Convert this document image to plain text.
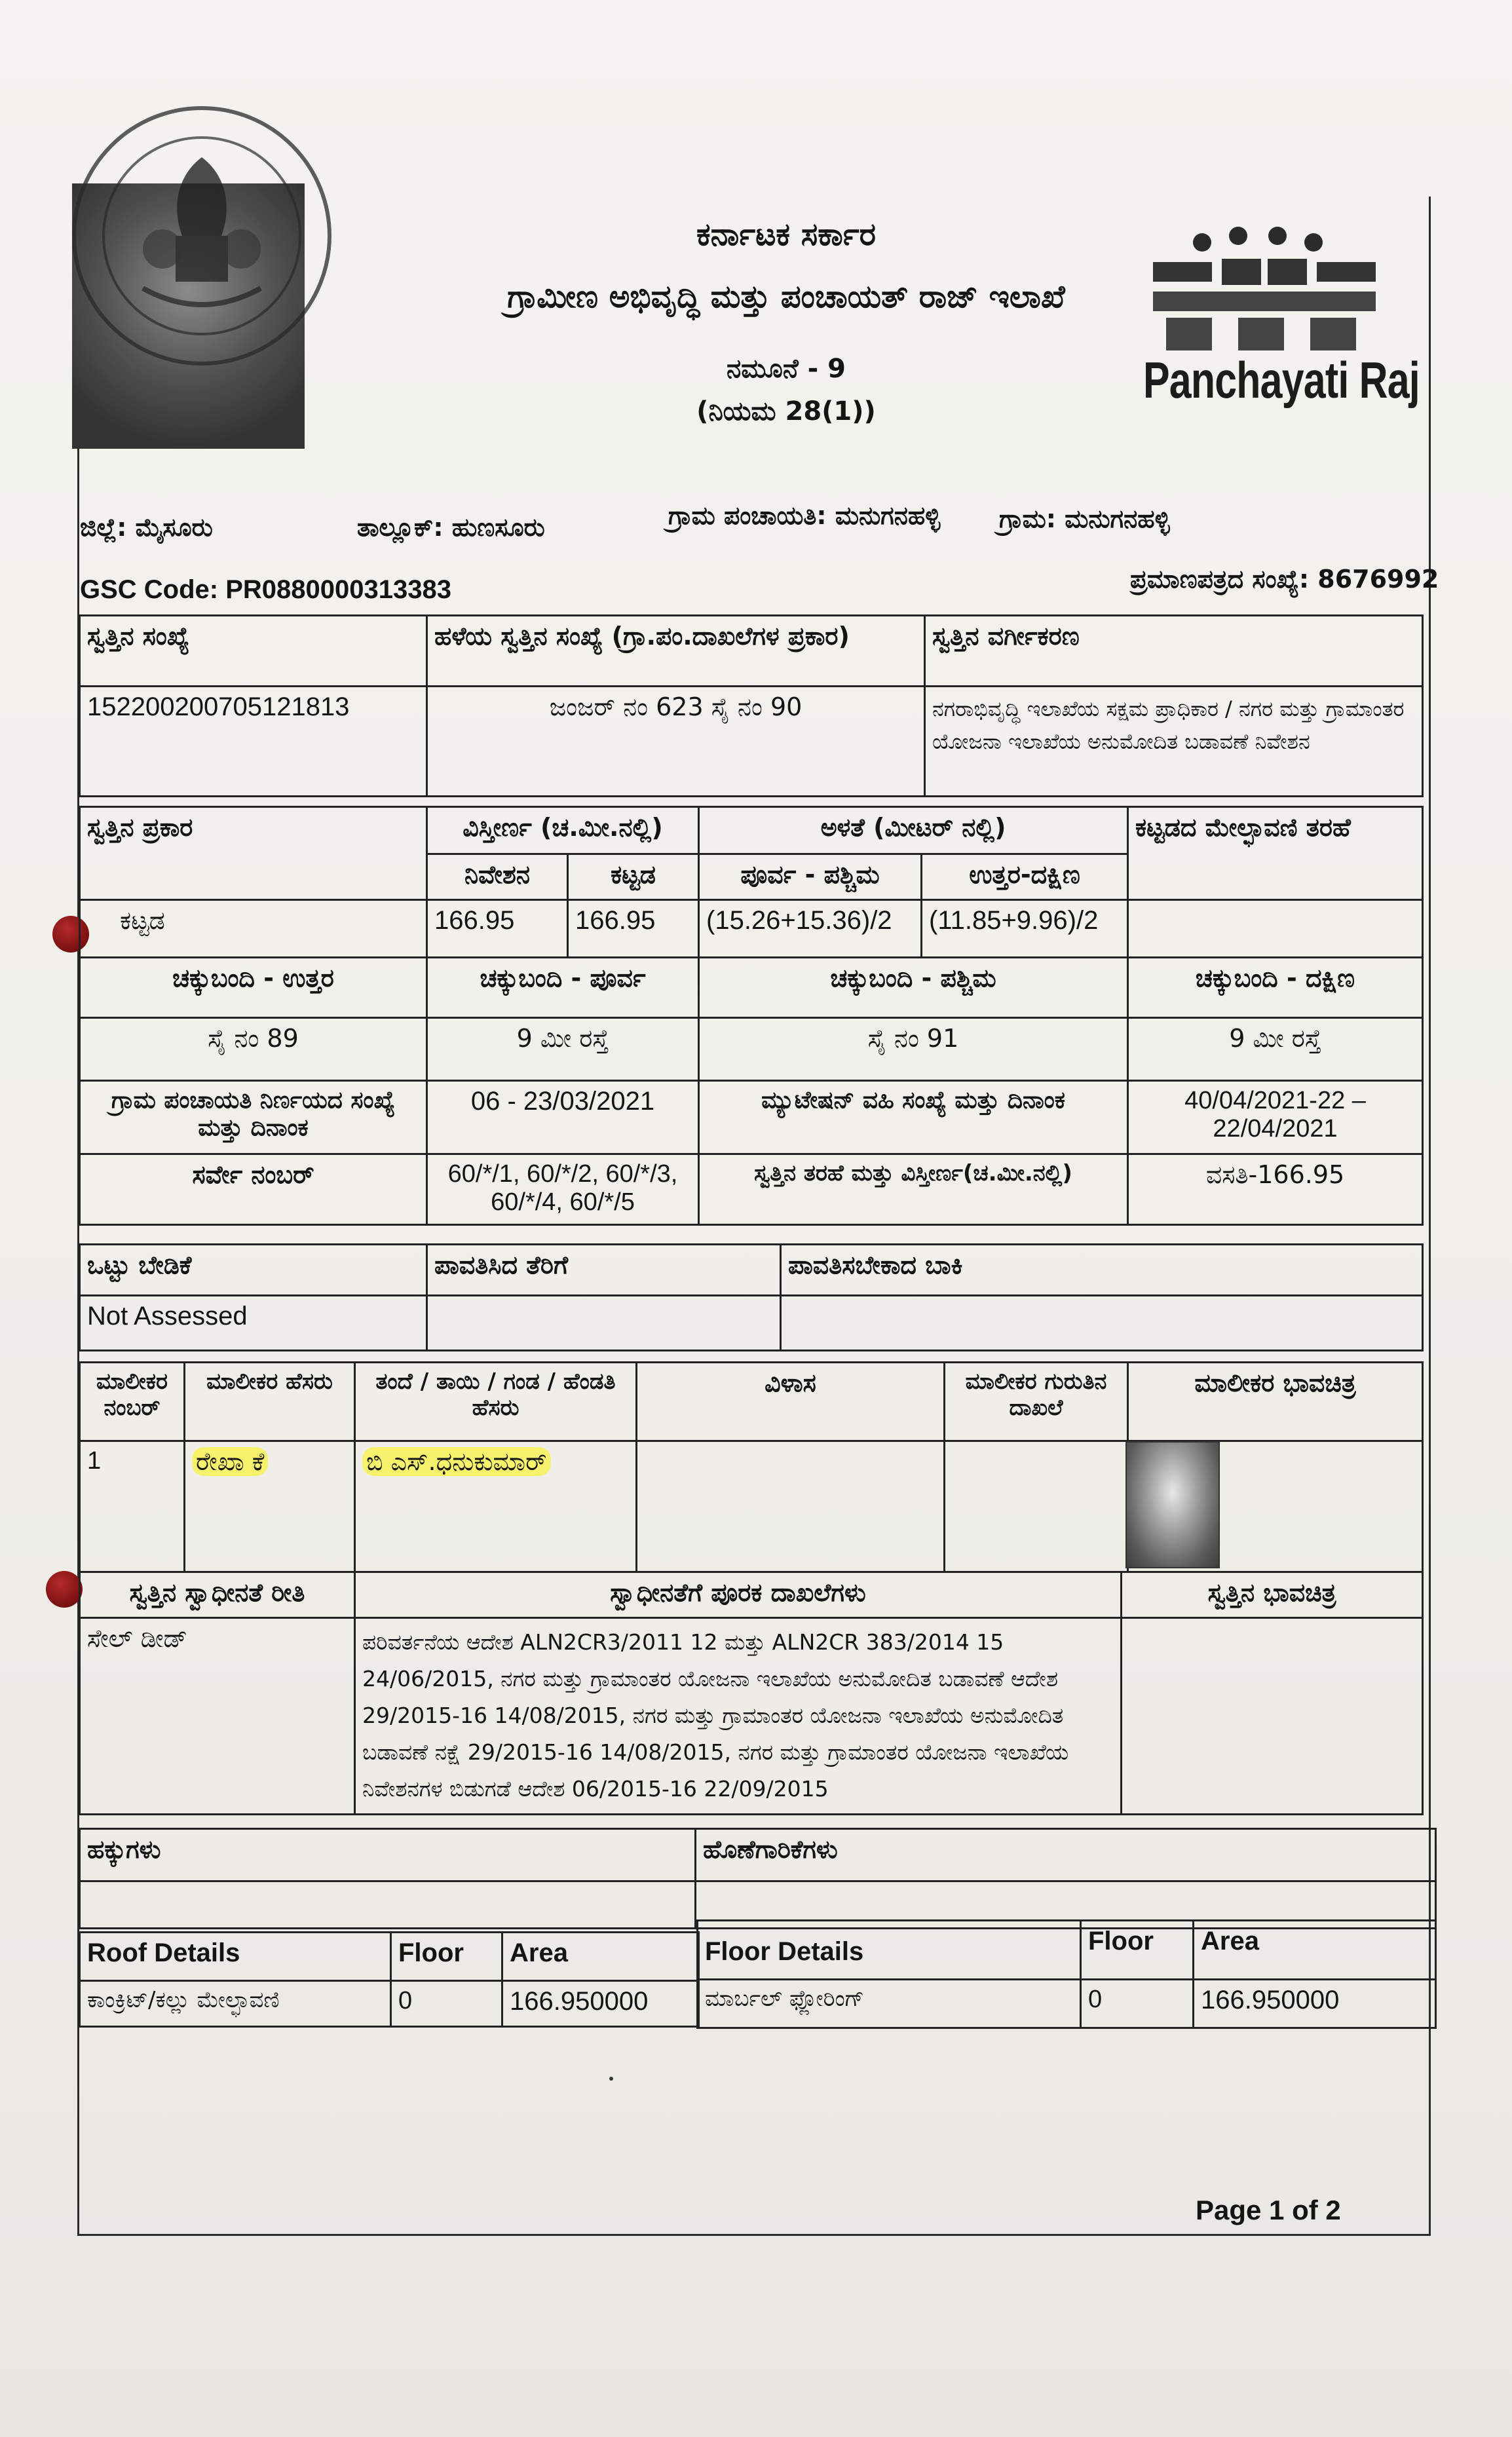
ಕರ್ನಾಟಕ ಸರ್ಕಾರ
ಗ್ರಾಮೀಣ ಅಭಿವೃದ್ಧಿ ಮತ್ತು ಪಂಚಾಯತ್ ರಾಜ್ ಇಲಾಖೆ
ನಮೂನೆ - 9
(ನಿಯಮ 28(1))
Panchayati Raj
ಜಿಲ್ಲೆ: ಮೈಸೂರು	ತಾಲ್ಲೂಕ್: ಹುಣಸೂರು	ಗ್ರಾಮ ಪಂಚಾಯತಿ: ಮನುಗನಹಳ್ಳಿ ಗ್ರಾಮ: ಮನುಗನಹಳ್ಳಿ
GSC Code: PR0880000313383	ಪ್ರಮಾಣಪತ್ರದ ಸಂಖ್ಯೆ: 8676992
ಸ್ವತ್ತಿನ ಸಂಖ್ಯೆ	ಹಳೆಯ ಸ್ವತ್ತಿನ ಸಂಖ್ಯೆ (ಗ್ರಾ.ಪಂ.ದಾಖಲೆಗಳ ಪ್ರಕಾರ)	ಸ್ವತ್ತಿನ ವರ್ಗೀಕರಣ
152200200705121813	ಜಂಜರ್ ನಂ 623 ಸೈ ನಂ 90	ನಗರಾಭಿವೃದ್ಧಿ ಇಲಾಖೆಯ ಸಕ್ಷಮ ಪ್ರಾಧಿಕಾರ / ನಗರ ಮತ್ತು ಗ್ರಾಮಾಂತರ ಯೋಜನಾ ಇಲಾಖೆಯ ಅನುಮೋದಿತ ಬಡಾವಣೆ ನಿವೇಶನ
ಸ್ವತ್ತಿನ ಪ್ರಕಾರ	ವಿಸ್ತೀರ್ಣ (ಚ.ಮೀ.ನಲ್ಲಿ)		ಅಳತೆ (ಮೀಟರ್ ನಲ್ಲಿ)		ಕಟ್ಟಡದ ಮೇಲ್ಛಾವಣಿ ತರಹೆ
	ನಿವೇಶನ	ಕಟ್ಟಡ	ಪೂರ್ವ - ಪಶ್ಚಿಮ	ಉತ್ತರ-ದಕ್ಷಿಣ	
ಕಟ್ಟಡ	166.95	166.95	(15.26+15.36)/2	(11.85+9.96)/2	
ಚಕ್ಕುಬಂದಿ - ಉತ್ತರ	ಚಕ್ಕುಬಂದಿ - ಪೂರ್ವ		ಚಕ್ಕುಬಂದಿ - ಪಶ್ಚಿಮ		ಚಕ್ಕುಬಂದಿ - ದಕ್ಷಿಣ
ಸೈ ನಂ 89	9 ಮೀ ರಸ್ತೆ		ಸೈ ನಂ 91		9 ಮೀ ರಸ್ತೆ
ಗ್ರಾಮ ಪಂಚಾಯತಿ ನಿರ್ಣಯದ ಸಂಖ್ಯೆ ಮತ್ತು ದಿನಾಂಕ	06 - 23/03/2021		ಮ್ಯುಟೇಷನ್ ವಹಿ ಸಂಖ್ಯೆ ಮತ್ತು ದಿನಾಂಕ		40/04/2021-22 – 22/04/2021
ಸರ್ವೇ ನಂಬರ್	60/*/1, 60/*/2, 60/*/3, 60/*/4, 60/*/5		ಸ್ವತ್ತಿನ ತರಹೆ ಮತ್ತು ವಿಸ್ತೀರ್ಣ(ಚ.ಮೀ.ನಲ್ಲಿ)		ವಸತಿ-166.95
ಒಟ್ಟು ಬೇಡಿಕೆ	ಪಾವತಿಸಿದ ತೆರಿಗೆ	ಪಾವತಿಸಬೇಕಾದ ಬಾಕಿ
Not Assessed		
ಮಾಲೀಕರ ನಂಬರ್	ಮಾಲೀಕರ ಹೆಸರು	ತಂದೆ / ತಾಯಿ / ಗಂಡ / ಹೆಂಡತಿ ಹೆಸರು	ವಿಳಾಸ	ಮಾಲೀಕರ ಗುರುತಿನ ದಾಖಲೆ	ಮಾಲೀಕರ ಭಾವಚಿತ್ರ
1	ರೇಖಾ ಕೆ	ಬಿ ಎಸ್.ಧನುಕುಮಾರ್			
ಸ್ವತ್ತಿನ ಸ್ವಾಧೀನತೆ ರೀತಿ	ಸ್ವಾಧೀನತೆಗೆ ಪೂರಕ ದಾಖಲೆಗಳು	ಸ್ವತ್ತಿನ ಭಾವಚಿತ್ರ
ಸೇಲ್ ಡೀಡ್	ಪರಿವರ್ತನೆಯ ಆದೇಶ ALN2CR3/2011 12 ಮತ್ತು ALN2CR 383/2014 15 24/06/2015, ನಗರ ಮತ್ತು ಗ್ರಾಮಾಂತರ ಯೋಜನಾ ಇಲಾಖೆಯ ಅನುಮೋದಿತ ಬಡಾವಣೆ ಆದೇಶ 29/2015-16 14/08/2015, ನಗರ ಮತ್ತು ಗ್ರಾಮಾಂತರ ಯೋಜನಾ ಇಲಾಖೆಯ ಅನುಮೋದಿತ ಬಡಾವಣೆ ನಕ್ಷೆ 29/2015-16 14/08/2015, ನಗರ ಮತ್ತು ಗ್ರಾಮಾಂತರ ಯೋಜನಾ ಇಲಾಖೆಯ ನಿವೇಶನಗಳ ಬಿಡುಗಡೆ ಆದೇಶ 06/2015-16 22/09/2015	
ಹಕ್ಕುಗಳು	ಹೊಣೆಗಾರಿಕೆಗಳು

Roof Details	Floor	Area
ಕಾಂಕ್ರಿಟ್/ಕಲ್ಲು ಮೇಲ್ಛಾವಣಿ	0	166.950000
Floor Details	Floor	Area
ಮಾರ್ಬಲ್ ಫ್ಲೋರಿಂಗ್	0	166.950000
Page 1 of 2
